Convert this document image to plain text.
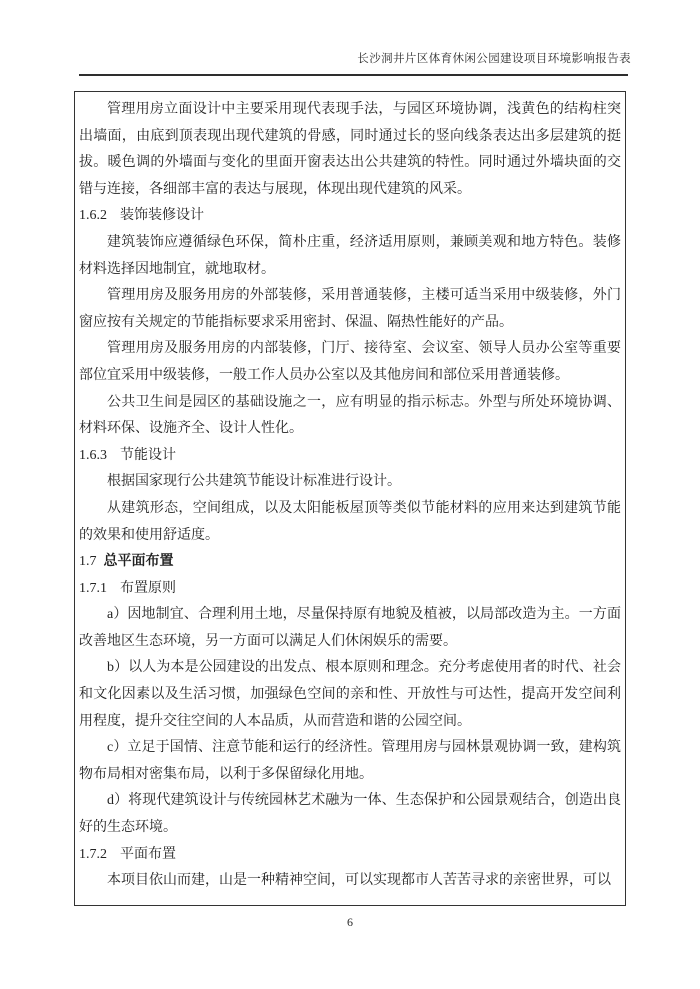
长沙洞井片区体育休闲公园建设项目环境影响报告表

管理用房立面设计中主要采用现代表现手法，与园区环境协调，浅黄色的结构柱突出墙面，由底到顶表现出现代建筑的骨感，同时通过长的竖向线条表达出多层建筑的挺拔。暖色调的外墙面与变化的里面开窗表达出公共建筑的特性。同时通过外墙块面的交错与连接，各细部丰富的表达与展现，体现出现代建筑的风采。

1.6.2 装饰装修设计

建筑装饰应遵循绿色环保，简朴庄重，经济适用原则，兼顾美观和地方特色。装修材料选择因地制宜，就地取材。

管理用房及服务用房的外部装修，采用普通装修，主楼可适当采用中级装修，外门窗应按有关规定的节能指标要求采用密封、保温、隔热性能好的产品。

管理用房及服务用房的内部装修，门厅、接待室、会议室、领导人员办公室等重要部位宜采用中级装修，一般工作人员办公室以及其他房间和部位采用普通装修。

公共卫生间是园区的基础设施之一，应有明显的指示标志。外型与所处环境协调、材料环保、设施齐全、设计人性化。

1.6.3 节能设计

根据国家现行公共建筑节能设计标准进行设计。

从建筑形态，空间组成，以及太阳能板屋顶等类似节能材料的应用来达到建筑节能的效果和使用舒适度。

1.7 总平面布置

1.7.1 布置原则

a）因地制宜、合理利用土地，尽量保持原有地貌及植被，以局部改造为主。一方面改善地区生态环境，另一方面可以满足人们休闲娱乐的需要。

b）以人为本是公园建设的出发点、根本原则和理念。充分考虑使用者的时代、社会和文化因素以及生活习惯，加强绿色空间的亲和性、开放性与可达性，提高开发空间利用程度，提升交往空间的人本品质，从而营造和谐的公园空间。

c）立足于国情、注意节能和运行的经济性。管理用房与园林景观协调一致，建构筑物布局相对密集布局，以利于多保留绿化用地。

d）将现代建筑设计与传统园林艺术融为一体、生态保护和公园景观结合，创造出良好的生态环境。

1.7.2 平面布置

本项目依山而建，山是一种精神空间，可以实现都市人苦苦寻求的亲密世界，可以

6
